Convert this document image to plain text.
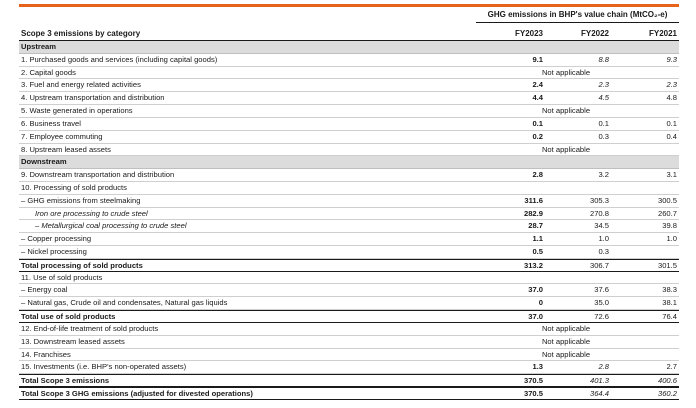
GHG emissions in BHP's value chain (MtCO₂-e)
Scope 3 emissions by category	FY2023	FY2022	FY2021
Upstream
1. Purchased goods and services (including capital goods)	9.1	8.8	9.3
2. Capital goods	Not applicable
3. Fuel and energy related activities	2.4	2.3	2.3
4. Upstream transportation and distribution	4.4	4.5	4.8
5. Waste generated in operations	Not applicable
6. Business travel	0.1	0.1	0.1
7. Employee commuting	0.2	0.3	0.4
8. Upstream leased assets	Not applicable
Downstream
9. Downstream transportation and distribution	2.8	3.2	3.1
10. Processing of sold products
– GHG emissions from steelmaking	311.6	305.3	300.5
Iron ore processing to crude steel	282.9	270.8	260.7
– Metallurgical coal processing to crude steel	28.7	34.5	39.8
– Copper processing	1.1	1.0	1.0
– Nickel processing	0.5	0.3
Total processing of sold products	313.2	306.7	301.5
11. Use of sold products
– Energy coal	37.0	37.6	38.3
– Natural gas, Crude oil and condensates, Natural gas liquids	0	35.0	38.1
Total use of sold products	37.0	72.6	76.4
12. End-of-life treatment of sold products	Not applicable
13. Downstream leased assets	Not applicable
14. Franchises	Not applicable
15. Investments (i.e. BHP's non-operated assets)	1.3	2.8	2.7
Total Scope 3 emissions	370.5	401.3	400.6
Total Scope 3 GHG emissions (adjusted for divested operations)	370.5	364.4	360.2
